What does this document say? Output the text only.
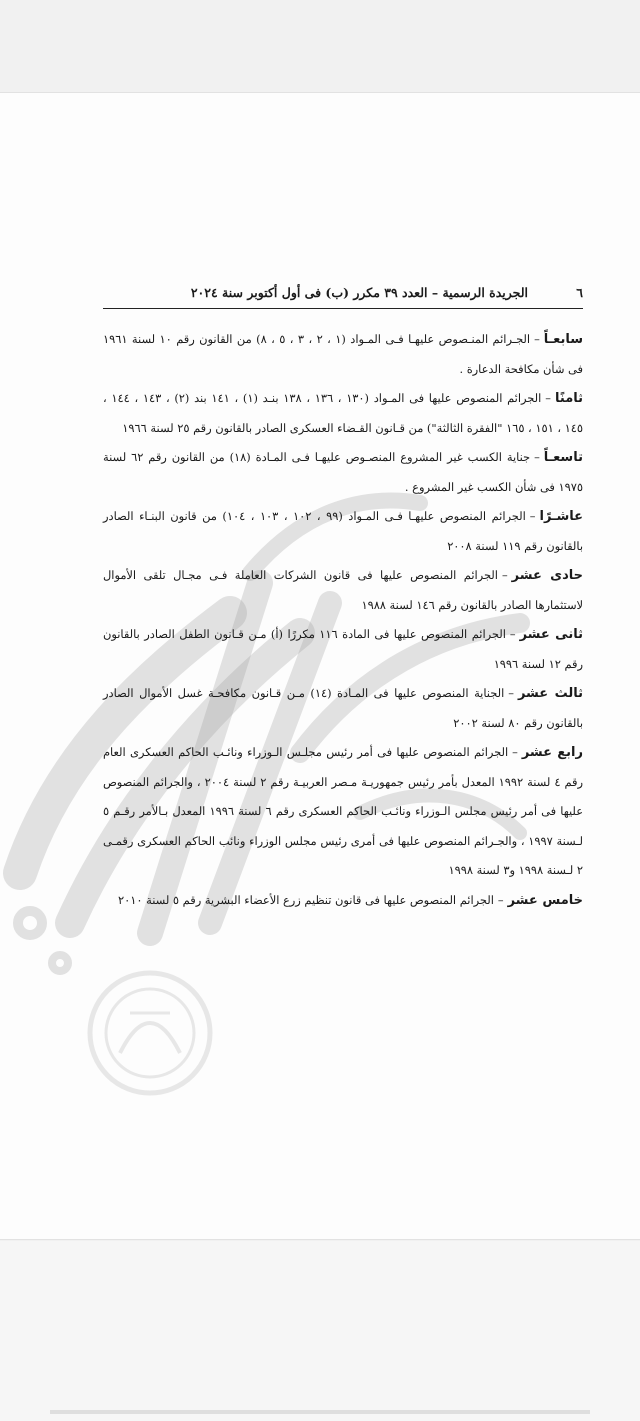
٦
الجريدة الرسمية – العدد ٣٩ مكرر (ب) فى أول أكتوبر سنة ٢٠٢٤

سابعـاً–الجـرائم المنـصوص عليهـا فـى المـواد (١ ، ٢ ، ٣ ، ٥ ، ٨) من القانون رقم ١٠ لسنة ١٩٦١ فى شأن مكافحة الدعارة .

ثامنًا–الجرائم المنصوص عليها فى المـواد (١٣٠ ، ١٣٦ ، ١٣٨ بنـد (١) ، ١٤١ بند (٢) ، ١٤٣ ، ١٤٤ ، ١٤٥ ، ١٥١ ، ١٦٥ "الفقرة الثالثة") من قـانون القـضاء العسكرى الصادر بالقانون رقم ٢٥ لسنة ١٩٦٦

تاسعـاً–جناية الكسب غير المشروع المنصـوص عليهـا فـى المـادة (١٨) من القانون رقم ٦٢ لسنة ١٩٧٥ فى شأن الكسب غير المشروع .

عاشـرًا–الجرائم المنصوص عليهـا فـى المـواد (٩٩ ، ١٠٢ ، ١٠٣ ، ١٠٤) من قانون البنـاء الصادر بالقانون رقم ١١٩ لسنة ٢٠٠٨

حادى عشر–الجرائم المنصوص عليها فى قانون الشركات العاملة فـى مجـال تلقى الأموال لاستثمارها الصادر بالقانون رقم ١٤٦ لسنة ١٩٨٨

ثانى عشر–الجرائم المنصوص عليها فى المادة ١١٦ مكررًا (أ) مـن قـانون الطفل الصادر بالقانون رقم ١٢ لسنة ١٩٩٦

ثالث عشر–الجناية المنصوص عليها فى المـادة (١٤) مـن قـانون مكافحـة غسل الأموال الصادر بالقانون رقم ٨٠ لسنة ٢٠٠٢

رابع عشر–الجرائم المنصوص عليها فى أمر رئيس مجلـس الـوزراء ونائـب الحاكم العسكرى العام رقم ٤ لسنة ١٩٩٢ المعدل بأمر رئيس جمهوريـة مـصر العربيـة رقم ٢ لسنة ٢٠٠٤ ، والجرائم المنصوص عليها فى أمر رئيس مجلس الـوزراء ونائـب الحاكم العسكرى رقم ٦ لسنة ١٩٩٦ المعدل بـالأمر رقـم ٥ لـسنة ١٩٩٧ ، والجـرائم المنصوص عليها فى أمرى رئيس مجلس الوزراء ونائب الحاكم العسكرى رقمـى ٢ لـسنة ١٩٩٨ و٣ لسنة ١٩٩٨

خامس عشر–الجرائم المنصوص عليها فى قانون تنظيم زرع الأعضاء البشرية رقم ٥ لسنة ٢٠١٠
